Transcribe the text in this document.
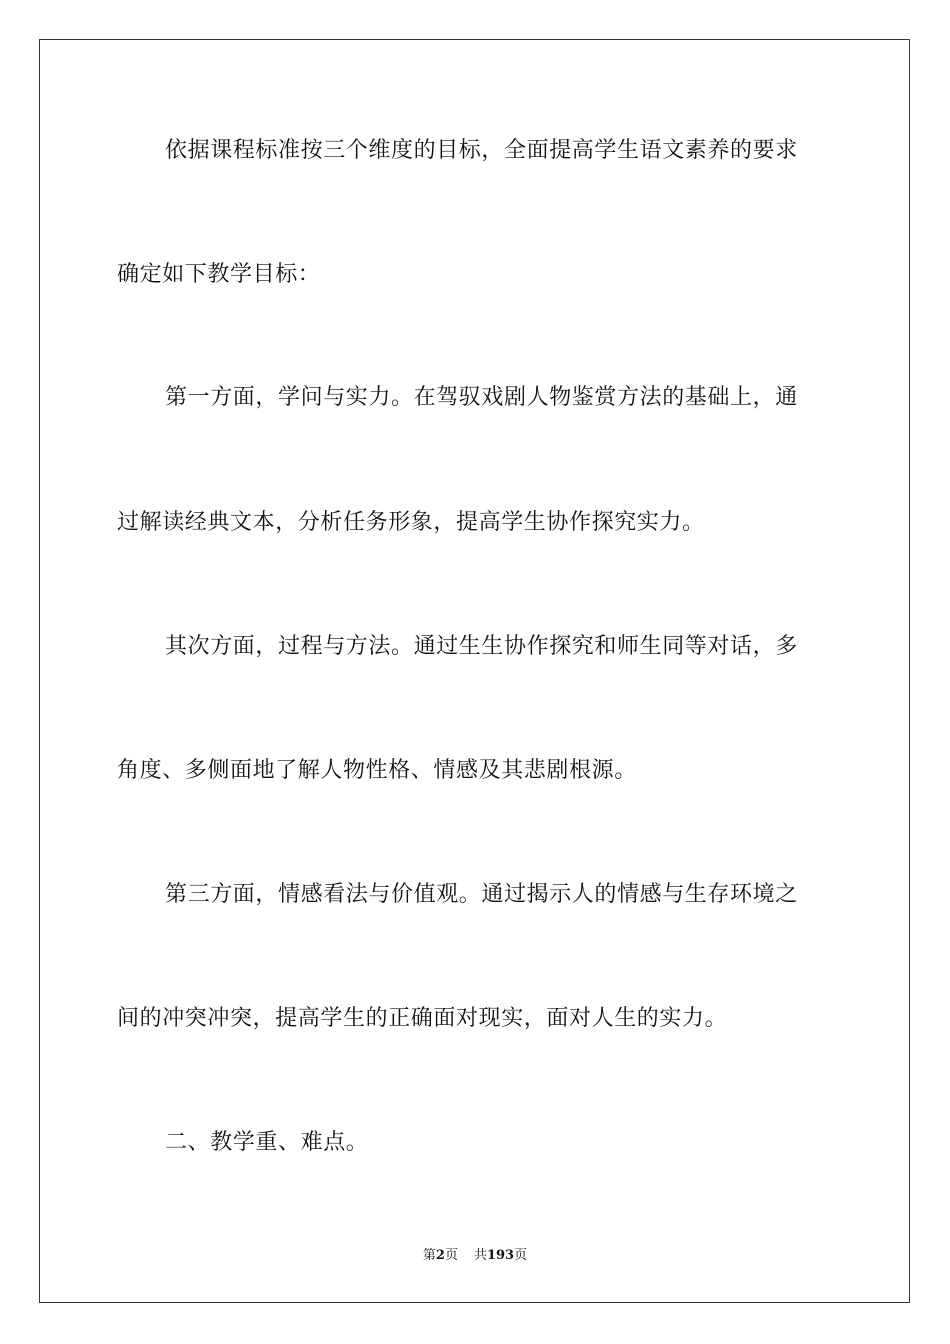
依据课程标准按三个维度的目标，全面提高学生语文素养的要求
确定如下教学目标：
第一方面，学问与实力。在驾驭戏剧人物鉴赏方法的基础上，通
过解读经典文本，分析任务形象，提高学生协作探究实力。
其次方面，过程与方法。通过生生协作探究和师生同等对话，多
角度、多侧面地了解人物性格、情感及其悲剧根源。
第三方面，情感看法与价值观。通过揭示人的情感与生存环境之
间的冲突冲突，提高学生的正确面对现实，面对人生的实力。
二、教学重、难点。
第2页 共193页
